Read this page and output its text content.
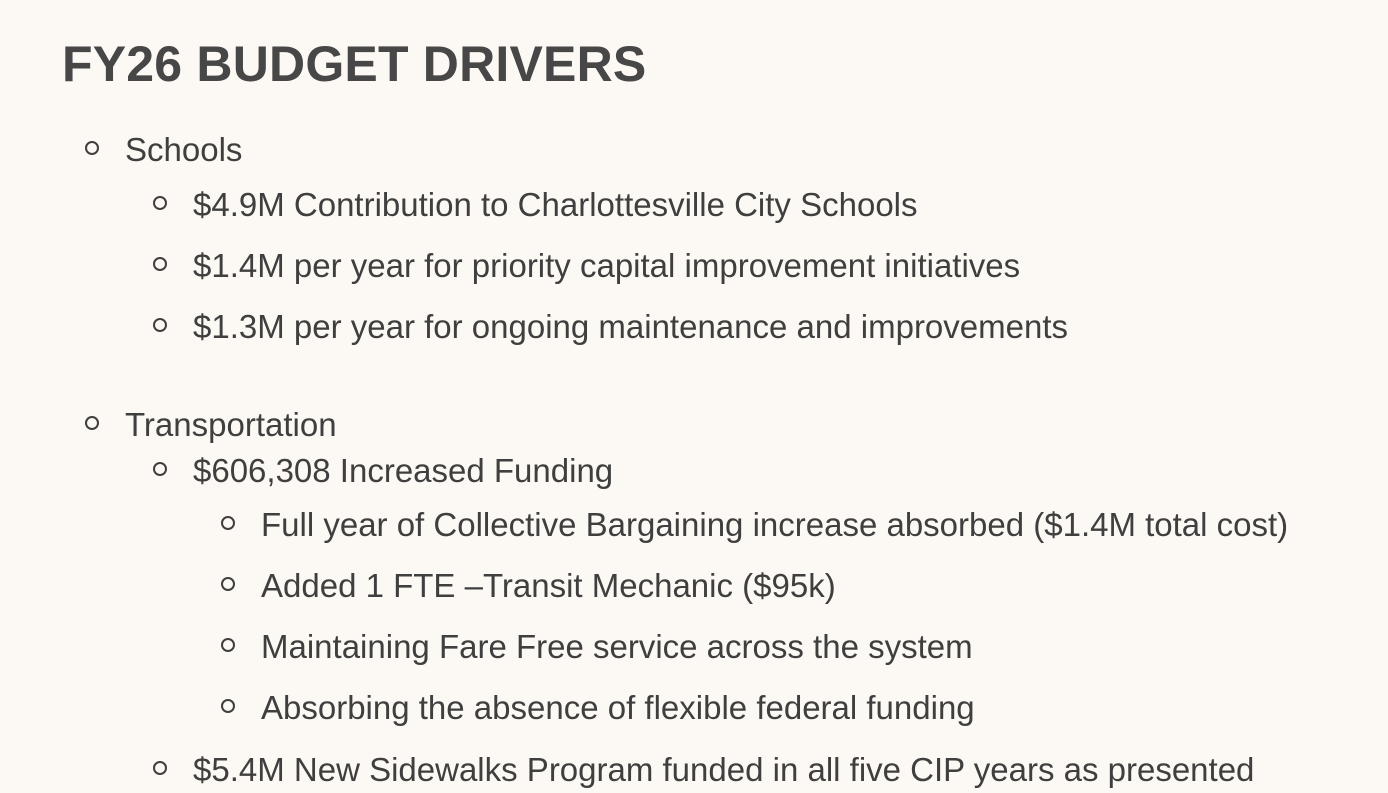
FY26 BUDGET DRIVERS
Schools
$4.9M Contribution to Charlottesville City Schools
$1.4M per year for priority capital improvement initiatives
$1.3M per year for ongoing maintenance and improvements
Transportation
$606,308 Increased Funding
Full year of Collective Bargaining increase absorbed ($1.4M total cost)
Added 1 FTE –Transit Mechanic ($95k)
Maintaining Fare Free service across the system
Absorbing the absence of flexible federal funding
$5.4M New Sidewalks Program funded in all five CIP years as presented
